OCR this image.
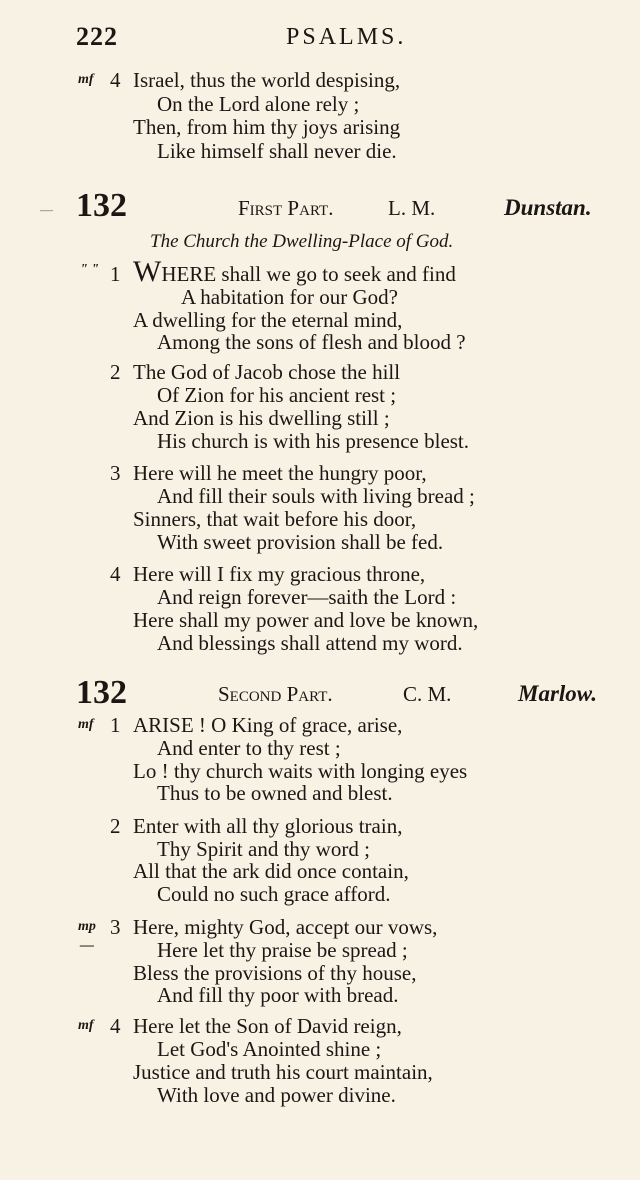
222	PSALMS.
mf 4 Israel, thus the world despising,
On the Lord alone rely ;
Then, from him thy joys arising
Like himself shall never die.
— 132	First Part.	L. M.	Dunstan.
The Church the Dwelling-Place of God.
" " 1 WHERE shall we go to seek and find
A habitation for our God?
A dwelling for the eternal mind,
Among the sons of flesh and blood ?
2 The God of Jacob chose the hill
Of Zion for his ancient rest ;
And Zion is his dwelling still ;
His church is with his presence blest.
3 Here will he meet the hungry poor,
And fill their souls with living bread ;
Sinners, that wait before his door,
With sweet provision shall be fed.
4 Here will I fix my gracious throne,
And reign forever—saith the Lord :
Here shall my power and love be known,
And blessings shall attend my word.
132	Second Part.	C. M.	Marlow.
mf 1 ARISE ! O King of grace, arise,
And enter to thy rest ;
Lo ! thy church waits with longing eyes
Thus to be owned and blest.
2 Enter with all thy glorious train,
Thy Spirit and thy word ;
All that the ark did once contain,
Could no such grace afford.
mp
—
3 Here, mighty God, accept our vows,
Here let thy praise be spread ;
Bless the provisions of thy house,
And fill thy poor with bread.
mf 4 Here let the Son of David reign,
Let God's Anointed shine ;
Justice and truth his court maintain,
With love and power divine.
